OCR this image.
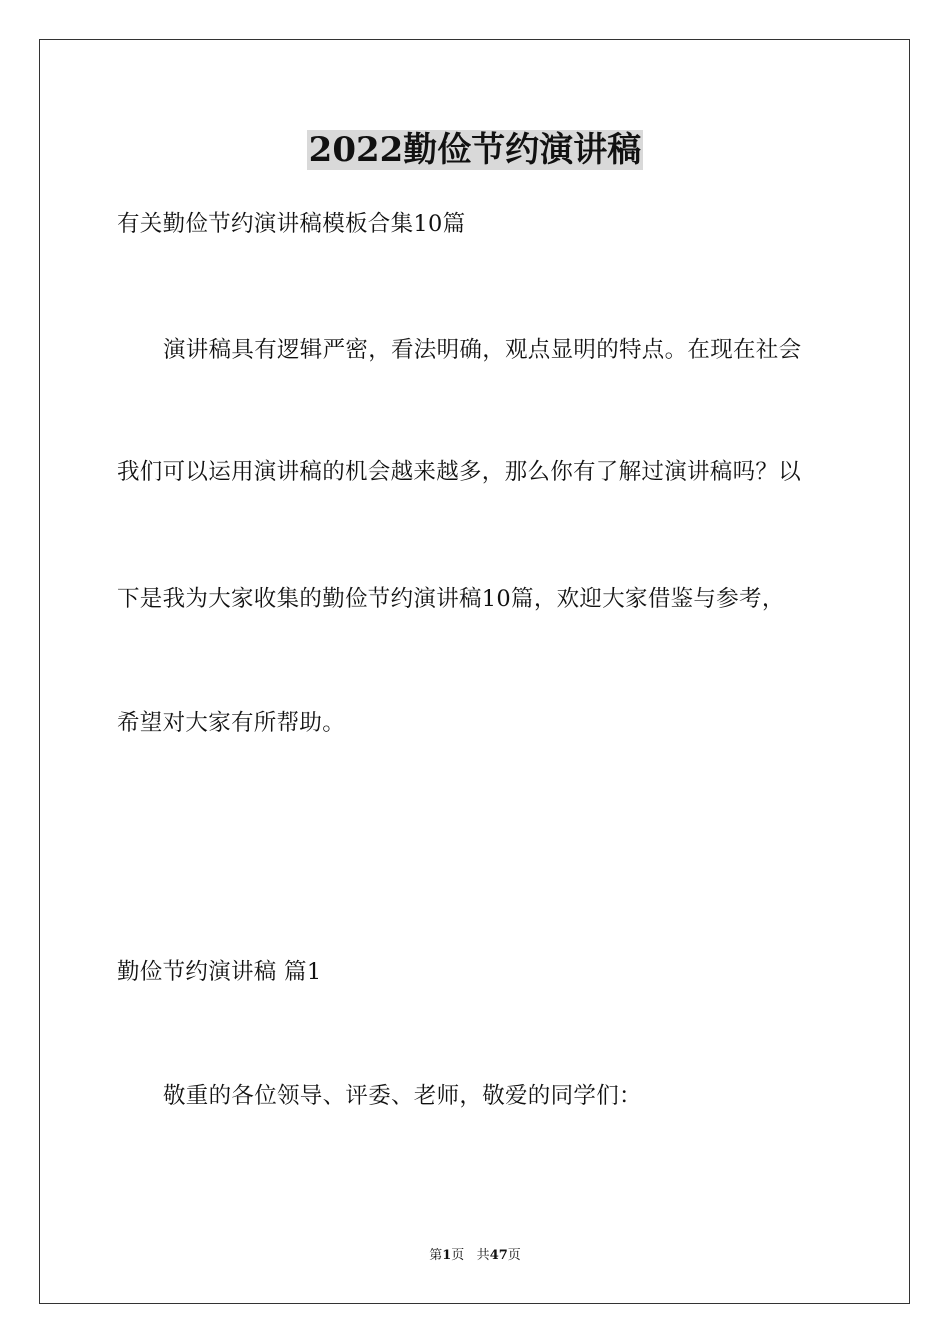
2022勤俭节约演讲稿
有关勤俭节约演讲稿模板合集10篇
演讲稿具有逻辑严密，看法明确，观点显明的特点。在现在社会
我们可以运用演讲稿的机会越来越多，那么你有了解过演讲稿吗？以
下是我为大家收集的勤俭节约演讲稿10篇，欢迎大家借鉴与参考，
希望对大家有所帮助。
勤俭节约演讲稿 篇1
敬重的各位领导、评委、老师，敬爱的同学们：
第1页 共47页
